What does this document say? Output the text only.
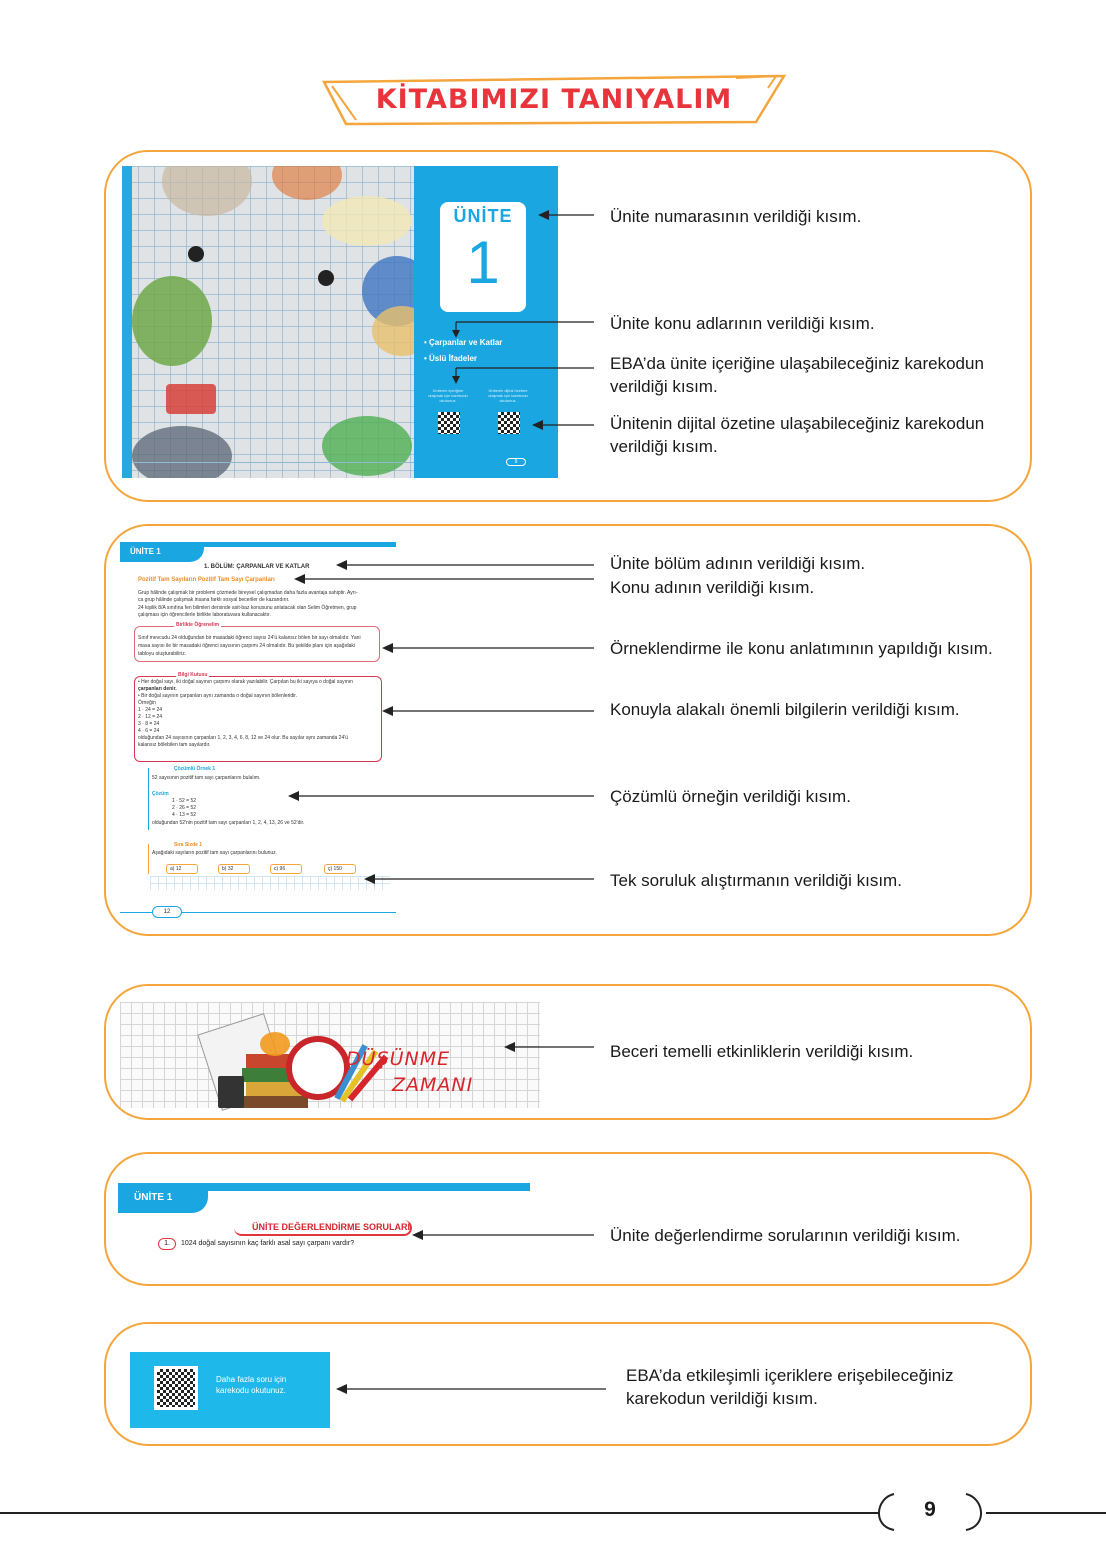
KİTABIMIZI TANIYALIM
ÜNİTE
1
• Çarpanlar ve Katlar
• Üslü İfadeler
Ünitenin içeriğine ulaşmak için karekodu okutunuz.
Ünitenin dijital özetine ulaşmak için karekodu okutunuz.
9
Ünite numarasının verildiği kısım.
Ünite konu adlarının verildiği kısım.
EBA’da ünite içeriğine ulaşabileceğiniz karekodun verildiği kısım.
Ünitenin dijital özetine ulaşabileceğiniz karekodun verildiği kısım.
ÜNİTE 1
1. BÖLÜM: ÇARPANLAR VE KATLAR
Pozitif Tam Sayıların Pozitif Tam Sayı Çarpanları
Grup hâlinde çalışmak bir problemi çözmede bireysel çalışmadan daha fazla avantaja sahiptir. Ayrı-
ca grup hâlinde çalışmak insana farklı sosyal beceriler de kazandırır.
24 kişilik 8/A sınıfına fen bilimleri dersinde asit-baz konusunu anlatacak olan Selim Öğretmen, grup
çalışması için öğrencilerle birlikte laboratuvara kullanacaktır.
Birlikte Öğrenelim
Sınıf mevcudu 24 olduğundan bir masadaki öğrenci sayısı 24'ü kalansız bölen bir sayı olmalıdır. Yani
masa sayısı ile bir masadaki öğrenci sayısının çarpımı 24 olmalıdır. Bu şekilde planı için aşağıdaki
tabloyu oluşturabiliriz.
Bilgi Kutusu
• Her doğal sayı, iki doğal sayının çarpımı olarak yazılabilir. Çarpılan bu iki sayıya o doğal sayının
çarpanları denir.
• Bir doğal sayının çarpanları aynı zamanda o doğal sayının bölenleridir.
Örneğin
1 · 24 = 24
2 · 12 = 24
3 · 8 = 24
4 · 6 = 24
olduğundan 24 sayısının çarpanları 1, 2, 3, 4, 6, 8, 12 ve 24 olur. Bu sayılar aynı zamanda 24'ü
kalansız bölebilen tam sayılardır.
Çözümlü Örnek 1
52 sayısının pozitif tam sayı çarpanlarını bulalım.
Çözüm
1 · 52 = 52
2 · 26 = 52
4 · 13 = 52
olduğundan 52'nin pozitif tam sayı çarpanları 1, 2, 4, 13, 26 ve 52'dir.
Sıra Sizde 1
Aşağıdaki sayıların pozitif tam sayı çarpanlarını bulunuz.
a) 12	b) 32	c) 96	ç) 150
12
Ünite bölüm adının verildiği kısım.
Konu adının verildiği kısım.
Örneklendirme ile konu anlatımının yapıldığı kısım.
Konuyla alakalı önemli bilgilerin verildiği kısım.
Çözümlü örneğin verildiği kısım.
Tek soruluk alıştırmanın verildiği kısım.
DÜŞÜNME
ZAMANI
Beceri temelli etkinliklerin verildiği kısım.
ÜNİTE 1
ÜNİTE DEĞERLENDİRME SORULARI
1.	1024 doğal sayısının kaç farklı asal sayı çarpanı vardır?	Ünite değerlendirme sorularının verildiği kısım.
Daha fazla soru için
karekodu okutunuz.
EBA’da etkileşimli içeriklere erişebileceğiniz karekodun verildiği kısım.
9
